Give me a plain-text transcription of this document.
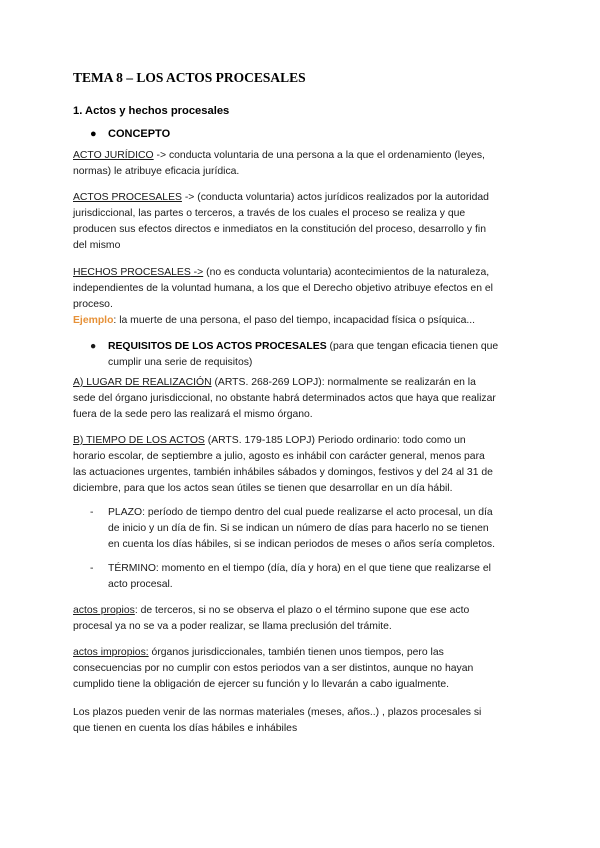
TEMA 8 – LOS ACTOS PROCESALES
1. Actos y hechos procesales
● CONCEPTO
ACTO JURÍDICO -> conducta voluntaria de una persona a la que el ordenamiento (leyes,
normas) le atribuye eficacia jurídica.
ACTOS PROCESALES -> (conducta voluntaria) actos jurídicos realizados por la autoridad
jurisdiccional, las partes o terceros, a través de los cuales el proceso se realiza y que
producen sus efectos directos e inmediatos en la constitución del proceso, desarrollo y fin
del mismo
HECHOS PROCESALES -> (no es conducta voluntaria) acontecimientos de la naturaleza,
independientes de la voluntad humana, a los que el Derecho objetivo atribuye efectos en el
proceso.
Ejemplo: la muerte de una persona, el paso del tiempo, incapacidad física o psíquica...
● REQUISITOS DE LOS ACTOS PROCESALES (para que tengan eficacia tienen que
cumplir una serie de requisitos)
A) LUGAR DE REALIZACIÓN (ARTS. 268-269 LOPJ): normalmente se realizarán en la
sede del órgano jurisdiccional, no obstante habrá determinados actos que haya que realizar
fuera de la sede pero las realizará el mismo órgano.
B) TIEMPO DE LOS ACTOS (ARTS. 179-185 LOPJ) Periodo ordinario: todo como un
horario escolar, de septiembre a julio, agosto es inhábil con carácter general, menos para
las actuaciones urgentes, también inhábiles sábados y domingos, festivos y del 24 al 31 de
diciembre, para que los actos sean útiles se tienen que desarrollar en un día hábil.
- PLAZO: período de tiempo dentro del cual puede realizarse el acto procesal, un día
de inicio y un día de fin. Si se indican un número de días para hacerlo no se tienen
en cuenta los días hábiles, si se indican periodos de meses o años sería completos.
- TÉRMINO: momento en el tiempo (día, día y hora) en el que tiene que realizarse el
acto procesal.
actos propios: de terceros, si no se observa el plazo o el término supone que ese acto
procesal ya no se va a poder realizar, se llama preclusión del trámite.
actos impropios: órganos jurisdiccionales, también tienen unos tiempos, pero las
consecuencias por no cumplir con estos periodos van a ser distintos, aunque no hayan
cumplido tiene la obligación de ejercer su función y lo llevarán a cabo igualmente.
Los plazos pueden venir de las normas materiales (meses, años..) , plazos procesales si
que tienen en cuenta los días hábiles e inhábiles
